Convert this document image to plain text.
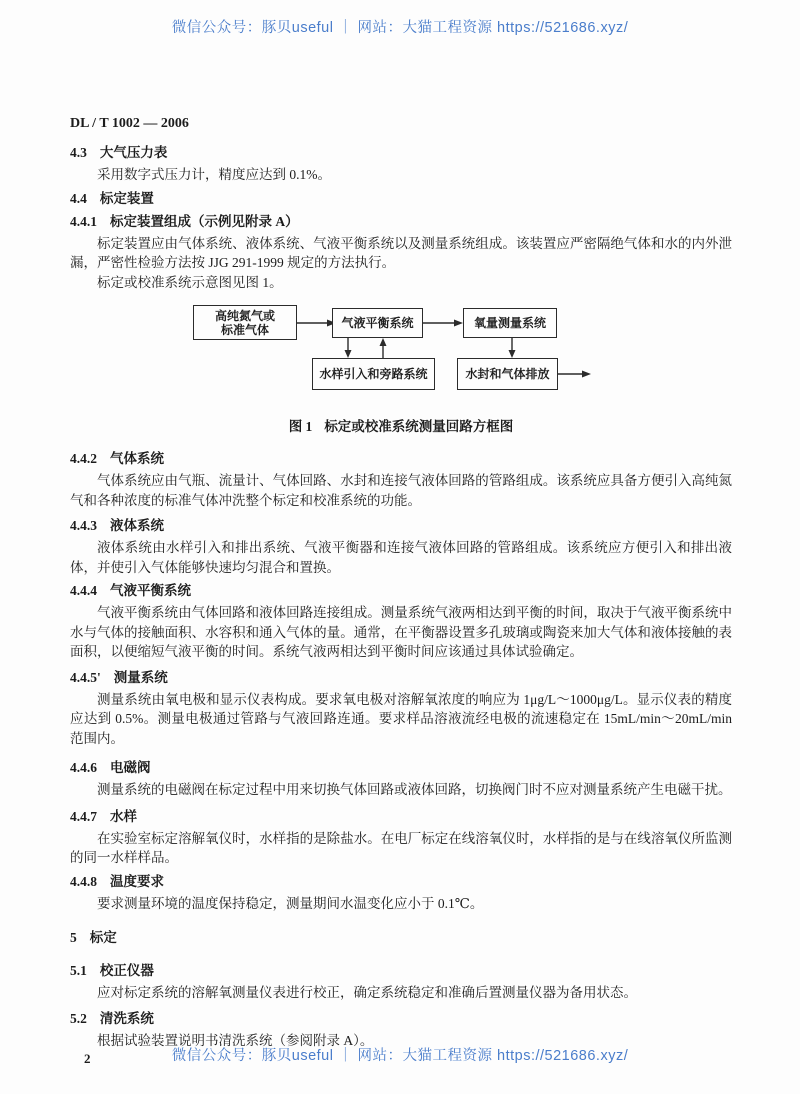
微信公众号：豚贝useful ｜ 网站：大猫工程资源 https://521686.xyz/
DL / T 1002 — 2006
4.3 大气压力表

采用数字式压力计，精度应达到 0.1%。

4.4 标定装置
4.4.1 标定装置组成（示例见附录 A）

标定装置应由气体系统、液体系统、气液平衡系统以及测量系统组成。该装置应严密隔绝气体和水的内外泄漏，严密性检验方法按 JJG 291-1999 规定的方法执行。

标定或校准系统示意图见图 1。

高纯氮气或
标准气体	气液平衡系统	氧量测量系统
水样引入和旁路系统	水封和气体排放
图 1 标定或校准系统测量回路方框图
4.4.2 气体系统

气体系统应由气瓶、流量计、气体回路、水封和连接气液体回路的管路组成。该系统应具备方便引入高纯氮气和各种浓度的标准气体冲洗整个标定和校准系统的功能。

4.4.3 液体系统

液体系统由水样引入和排出系统、气液平衡器和连接气液体回路的管路组成。该系统应方便引入和排出液体，并使引入气体能够快速均匀混合和置换。

4.4.4 气液平衡系统

气液平衡系统由气体回路和液体回路连接组成。测量系统气液两相达到平衡的时间，取决于气液平衡系统中水与气体的接触面积、水容积和通入气体的量。通常，在平衡器设置多孔玻璃或陶瓷来加大气体和液体接触的表面积，以便缩短气液平衡的时间。系统气液两相达到平衡时间应该通过具体试验确定。

4.4.5' 测量系统

测量系统由氧电极和显示仪表构成。要求氧电极对溶解氧浓度的响应为 1μg/L～1000μg/L。显示仪表的精度应达到 0.5%。测量电极通过管路与气液回路连通。要求样品溶液流经电极的流速稳定在 15mL/min～20mL/min 范围内。

4.4.6 电磁阀

测量系统的电磁阀在标定过程中用来切换气体回路或液体回路，切换阀门时不应对测量系统产生电磁干扰。

4.4.7 水样

在实验室标定溶解氧仪时，水样指的是除盐水。在电厂标定在线溶氧仪时，水样指的是与在线溶氧仪所监测的同一水样样品。

4.4.8 温度要求

要求测量环境的温度保持稳定，测量期间水温变化应小于 0.1℃。

5 标定
5.1 校正仪器

应对标定系统的溶解氧测量仪表进行校正，确定系统稳定和准确后置测量仪器为备用状态。

5.2 清洗系统

根据试验装置说明书清洗系统（参阅附录 A）。

微信公众号：豚贝useful ｜ 网站：大猫工程资源 https://521686.xyz/
2
